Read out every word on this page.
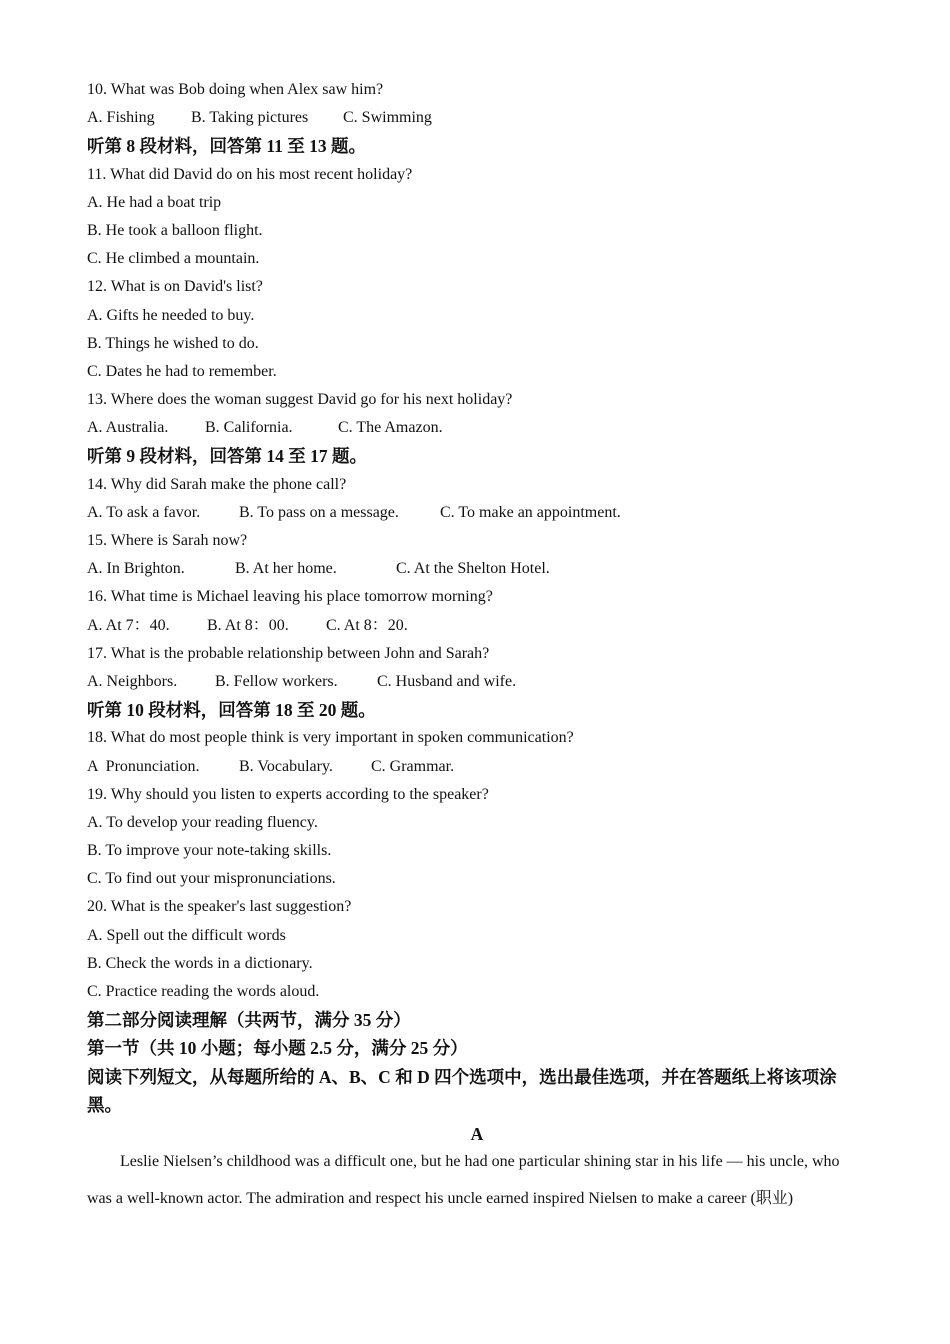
10. What was Bob doing when Alex saw him?
A. Fishing B. Taking pictures C. Swimming
听第 8 段材料，回答第 11 至 13 题。
11. What did David do on his most recent holiday?
A. He had a boat trip
B. He took a balloon flight.
C. He climbed a mountain.
12. What is on David's list?
A. Gifts he needed to buy.
B. Things he wished to do.
C. Dates he had to remember.
13. Where does the woman suggest David go for his next holiday?
A. Australia. B. California.	C. The Amazon.
听第 9 段材料，回答第 14 至 17 题。
14. Why did Sarah make the phone call?
A. To ask a favor. B. To pass on a message.	C. To make an appointment.
15. Where is Sarah now?
A. In Brighton.	B. At her home.	C. At the Shelton Hotel.
16. What time is Michael leaving his place tomorrow morning?
A. At 7：40. B. At 8：00. C. At 8：20.
17. What is the probable relationship between John and Sarah?
A. Neighbors. B. Fellow workers. C. Husband and wife.
听第 10 段材料，回答第 18 至 20 题。
18. What do most people think is very important in spoken communication?
A  Pronunciation. B. Vocabulary. C. Grammar.
19. Why should you listen to experts according to the speaker?
A. To develop your reading fluency.
B. To improve your note-taking skills.
C. To find out your mispronunciations.
20. What is the speaker's last suggestion?
A. Spell out the difficult words
B. Check the words in a dictionary.
C. Practice reading the words aloud.
第二部分阅读理解（共两节，满分 35 分）
第一节（共 10 小题；每小题 2.5 分，满分 25 分）
阅读下列短文，从每题所给的 A、B、C 和 D 四个选项中，选出最佳选项，并在答题纸上将该项涂黑。
A
Leslie Nielsen’s childhood was a difficult one, but he had one particular shining star in his life — his uncle, who was a well-known actor. The admiration and respect his uncle earned inspired Nielsen to make a career (职业)
